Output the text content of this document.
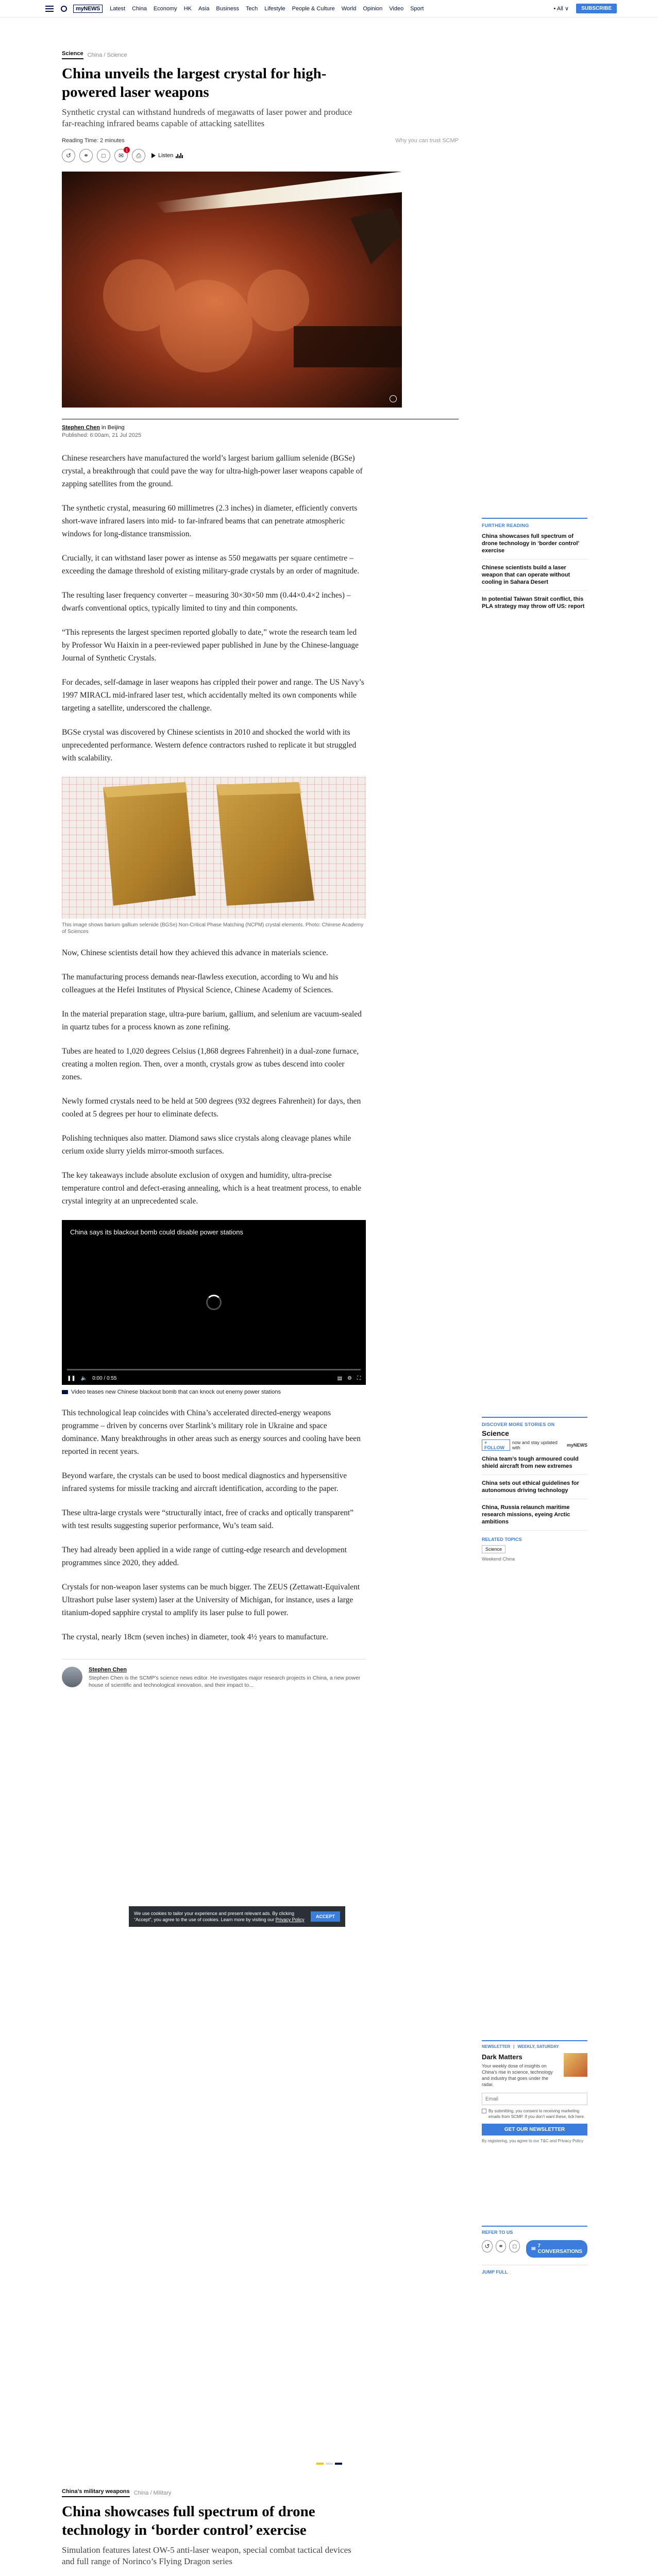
myNEWS	Latest China Economy HK Asia Business Tech Lifestyle People & Culture World Opinion Video Sport	• All ∨	SUBSCRIBE
Science China / Science
China unveils the largest crystal for high-powered laser weapons
Synthetic crystal can withstand hundreds of megawatts of laser power and produce far-reaching infrared beams capable of attacking satellites
Reading Time: 2 minutes	Why you can trust SCMP
↺	⚭	□	✉
1
⎙	Listen
Stephen Chen in Beijing
Published: 6:00am, 21 Jul 2025

Chinese researchers have manufactured the world’s largest barium gallium selenide (BGSe) crystal, a breakthrough that could pave the way for ultra-high-power laser weapons capable of zapping satellites from the ground.

The synthetic crystal, measuring 60 millimetres (2.3 inches) in diameter, efficiently converts short-wave infrared lasers into mid- to far-infrared beams that can penetrate atmospheric windows for long-distance transmission.

Crucially, it can withstand laser power as intense as 550 megawatts per square centimetre – exceeding the damage threshold of existing military-grade crystals by an order of magnitude.

The resulting laser frequency converter – measuring 30×30×50 mm (0.44×0.4×2 inches) – dwarfs conventional optics, typically limited to tiny and thin components.

“This represents the largest specimen reported globally to date,” wrote the research team led by Professor Wu Haixin in a peer-reviewed paper published in June by the Chinese-language Journal of Synthetic Crystals.

For decades, self-damage in laser weapons has crippled their power and range. The US Navy’s 1997 MIRACL mid-infrared laser test, which accidentally melted its own components while targeting a satellite, underscored the challenge.

BGSe crystal was discovered by Chinese scientists in 2010 and shocked the world with its unprecedented performance. Western defence contractors rushed to replicate it but struggled with scalability.

This image shows barium gallium selenide (BGSe) Non-Critical Phase Matching (NCPM) crystal elements. Photo: Chinese Academy of Sciences

Now, Chinese scientists detail how they achieved this advance in materials science.

The manufacturing process demands near-flawless execution, according to Wu and his colleagues at the Hefei Institutes of Physical Science, Chinese Academy of Sciences.

In the material preparation stage, ultra-pure barium, gallium, and selenium are vacuum-sealed in quartz tubes for a process known as zone refining.

Tubes are heated to 1,020 degrees Celsius (1,868 degrees Fahrenheit) in a dual-zone furnace, creating a molten region. Then, over a month, crystals grow as tubes descend into cooler zones.

Newly formed crystals need to be held at 500 degrees (932 degrees Fahrenheit) for days, then cooled at 5 degrees per hour to eliminate defects.

Polishing techniques also matter. Diamond saws slice crystals along cleavage planes while cerium oxide slurry yields mirror-smooth surfaces.

The key takeaways include absolute exclusion of oxygen and humidity, ultra-precise temperature control and defect-erasing annealing, which is a heat treatment process, to enable crystal integrity at an unprecedented scale.

China says its blackout bomb could disable power stations
❚❚ 🔈 0:00 / 0:55	▤ ⚙ ⛶
Video teases new Chinese blackout bomb that can knock out enemy power stations

This technological leap coincides with China’s accelerated directed-energy weapons programme – driven by concerns over Starlink’s military role in Ukraine and space dominance. Many breakthroughs in other areas such as energy sources and cooling have been reported in recent years.

Beyond warfare, the crystals can be used to boost medical diagnostics and hypersensitive infrared systems for missile tracking and aircraft identification, according to the paper.

These ultra-large crystals were “structurally intact, free of cracks and optically transparent” with test results suggesting superior performance, Wu’s team said.

They had already been applied in a wide range of cutting-edge research and development programmes since 2020, they added.

Crystals for non-weapon laser systems can be much bigger. The ZEUS (Zettawatt-Equivalent Ultrashort pulse laser system) laser at the University of Michigan, for instance, uses a large titanium-doped sapphire crystal to amplify its laser pulse to full power.

The crystal, nearly 18cm (seven inches) in diameter, took 4½ years to manufacture.

Stephen Chen
Stephen Chen is the SCMP’s science news editor. He investigates major research projects in China, a new power house of scientific and technological innovation, and their impact to...
We use cookies to tailor your experience and present relevant ads. By clicking “Accept”, you agree to the use of cookies. Learn more by visiting our Privacy Policy
ACCEPT
FURTHER READING
China showcases full spectrum of drone technology in ‘border control’ exercise
Chinese scientists build a laser weapon that can operate without cooling in Sahara Desert
In potential Taiwan Strait conflict, this PLA strategy may throw off US: report
DISCOVER MORE STORIES ON
Science
+ FOLLOW
now and stay updated with	myNEWS
China team’s tough armoured could shield aircraft from new extremes
China sets out ethical guidelines for autonomous driving technology
China, Russia relaunch maritime research missions, eyeing Arctic ambitions
RELATED TOPICS
Science
Weekend China
NEWSLETTER | WEEKLY, SATURDAY
Dark Matters
Your weekly dose of insights on China’s rise in science, technology and industry that goes under the radar.
Email
By submitting, you consent to receiving marketing emails from SCMP. If you don’t want these, tick here.
GET OUR NEWSLETTER
By registering, you agree to our T&C and Privacy Policy
REFER TO US
↺	⚭	□	✉ 7 CONVERSATIONS
JUMP FULL
China’s military weapons China / Military
China showcases full spectrum of drone technology in ‘border control’ exercise
Simulation features latest OW-5 anti-laser weapon, special combat tactical devices and full range of Norinco’s Flying Dragon series
